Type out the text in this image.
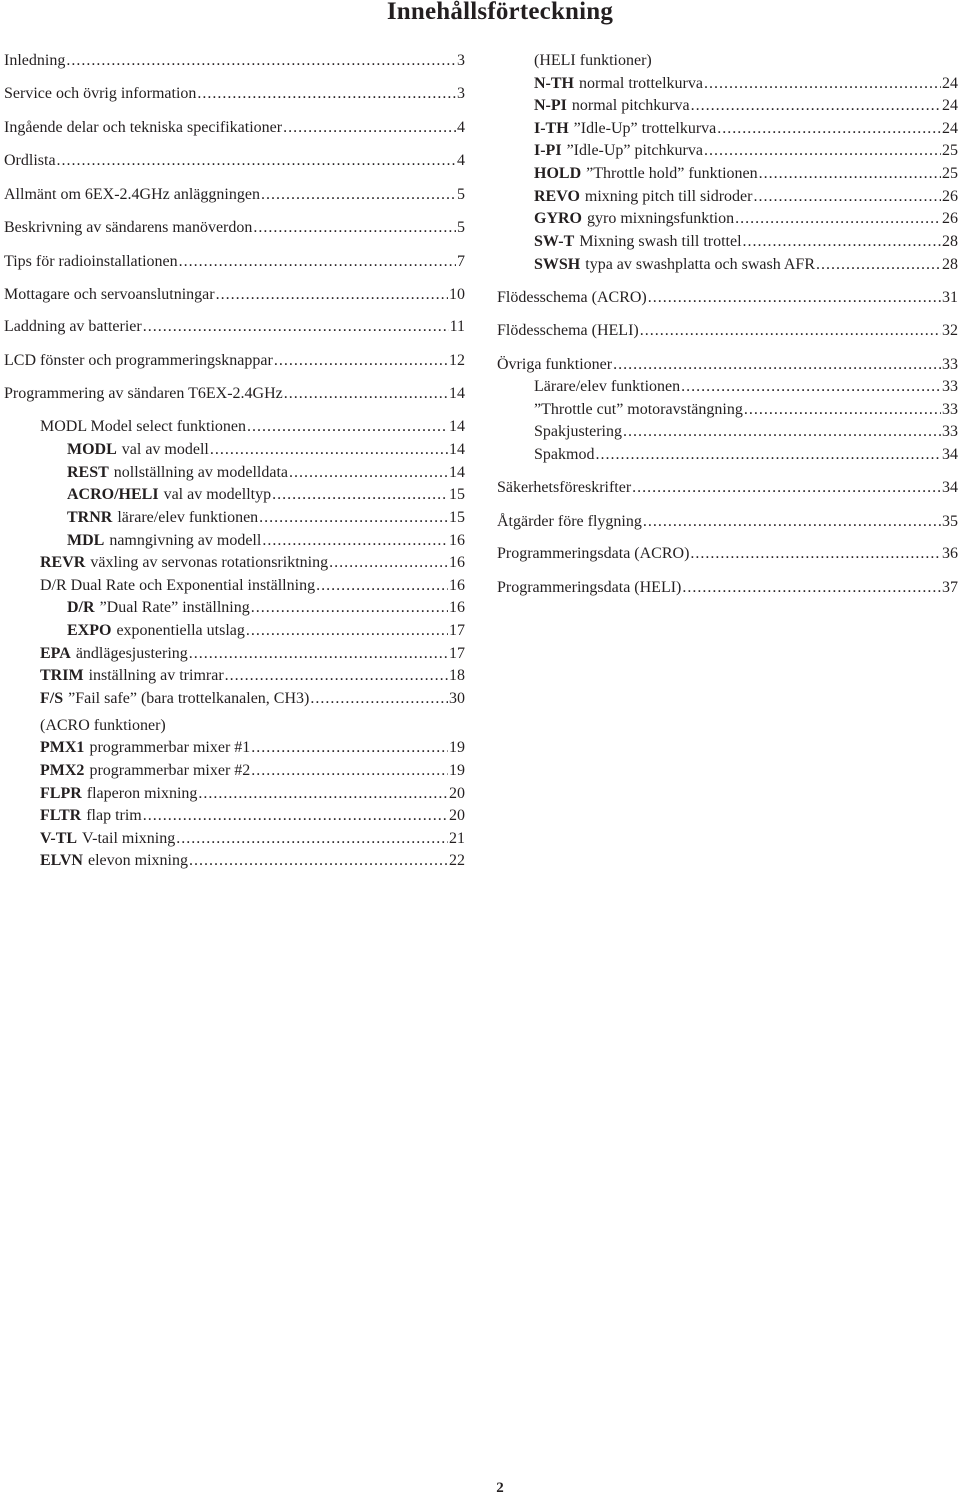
Innehållsförteckning
Inledning .....	3
Service och övrig information .....	3
Ingående delar och tekniska specifikationer .....	4
Ordlista .....	4
Allmänt om 6EX-2.4GHz anläggningen .....	5
Beskrivning av sändarens manöverdon .....	5
Tips för radioinstallationen .....	7
Mottagare och servoanslutningar .....	10
Laddning av batterier .....	11
LCD fönster och programmeringsknappar .....	12
Programmering av sändaren T6EX-2.4GHz .....	14
MODL Model select funktionen .....	14
MODL val av modell .....	14
REST nollställning av modelldata .....	14
ACRO/HELI val av modelltyp .....	15
TRNR lärare/elev funktionen .....	15
MDL namngivning av modell .....	16
REVR växling av servonas rotationsriktning .....	16
D/R Dual Rate och Exponential inställning .....	16
D/R ”Dual Rate” inställning .....	16
EXPO exponentiella utslag .....	17
EPA ändlägesjustering .....	17
TRIM inställning av trimrar .....	18
F/S ”Fail safe” (bara trottelkanalen, CH3) .....	30
(ACRO funktioner)
PMX1 programmerbar mixer #1 .....	19
PMX2 programmerbar mixer #2 .....	19
FLPR flaperon mixning .....	20
FLTR flap trim .....	20
V-TL V-tail mixning .....	21
ELVN elevon mixning .....	22
(HELI funktioner)
N-TH normal trottelkurva .....	24
N-PI normal pitchkurva .....	24
I-TH ”Idle-Up” trottelkurva .....	24
I-PI ”Idle-Up” pitchkurva .....	25
HOLD ”Throttle hold” funktionen .....	25
REVO mixning pitch till sidroder .....	26
GYRO gyro mixningsfunktion .....	26
SW-T Mixning swash till trottel .....	28
SWSH typa av swashplatta och swash AFR .....	28
Flödesschema (ACRO) .....	31
Flödesschema (HELI) .....	32
Övriga funktioner .....	33
Lärare/elev funktionen .....	33
”Throttle cut” motoravstängning .....	33
Spakjustering .....	33
Spakmod .....	34
Säkerhetsföreskrifter .....	34
Åtgärder före flygning .....	35
Programmeringsdata (ACRO) .....	36
Programmeringsdata (HELI) .....	37
2
